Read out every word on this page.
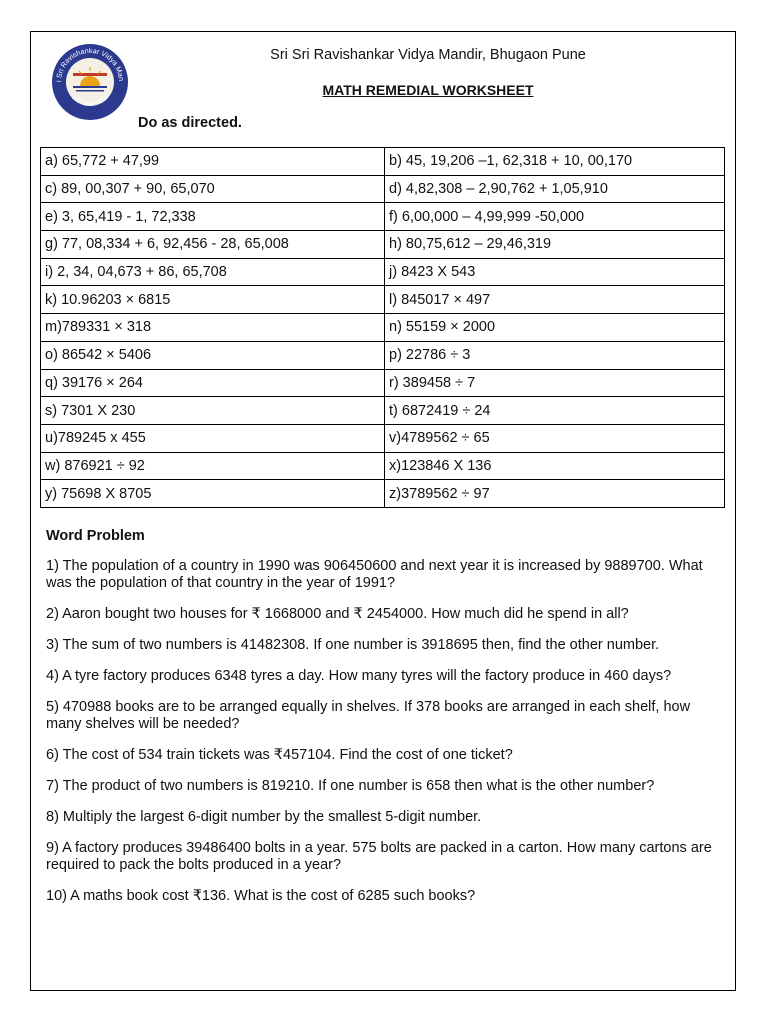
i Sri Ravishankar Vidya Man
ज्ञानं यज्ञस्य ज्योतिः
Sri Sri Ravishankar Vidya Mandir, Bhugaon Pune
MATH REMEDIAL WORKSHEET
Do as directed.
a) 65,772 + 47,99	b) 45, 19,206 –1, 62,318 + 10, 00,170
c) 89, 00,307 + 90, 65,070	d) 4,82,308 – 2,90,762 + 1,05,910
e) 3, 65,419 - 1, 72,338	f) 6,00,000 – 4,99,999 -50,000
g) 77, 08,334 + 6, 92,456 - 28, 65,008	h) 80,75,612 – 29,46,319
i) 2, 34, 04,673 + 86, 65,708	j) 8423 X 543
k) 10.96203 × 6815	l) 845017 × 497
m)789331 × 318	n) 55159 × 2000
o) 86542 × 5406	p) 22786 ÷ 3
q) 39176 × 264	r) 389458 ÷ 7
s) 7301 X 230	t) 6872419 ÷ 24
u)789245 x 455	v)4789562 ÷ 65
w) 876921 ÷ 92	x)123846 X 136
y) 75698 X 8705	z)3789562 ÷ 97
Word Problem
1) The population of a country in 1990 was 906450600 and next year it is increased by 9889700. What was the population of that country in the year of 1991?
2) Aaron bought two houses for ₹ 1668000 and ₹ 2454000. How much did he spend in all?
3) The sum of two numbers is 41482308. If one number is 3918695 then, find the other number.
4) A tyre factory produces 6348 tyres a day. How many tyres will the factory produce in 460 days?
5) 470988 books are to be arranged equally in shelves. If 378 books are arranged in each shelf, how many shelves will be needed?
6) The cost of 534 train tickets was ₹457104. Find the cost of one ticket?
7) The product of two numbers is 819210. If one number is 658 then what is the other number?
8) Multiply the largest 6-digit number by the smallest 5-digit number.
9) A factory produces 39486400 bolts in a year. 575 bolts are packed in a carton. How many cartons are required to pack the bolts produced in a year?
10) A maths book cost ₹136. What is the cost of 6285 such books?
